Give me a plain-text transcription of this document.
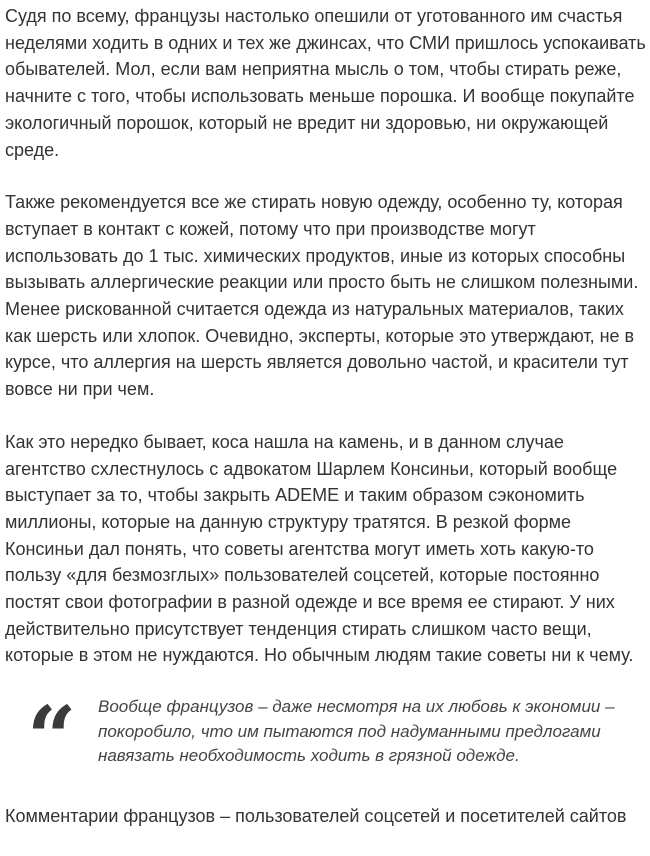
Судя по всему, французы настолько опешили от уготованного им счастья неделями ходить в одних и тех же джинсах, что СМИ пришлось успокаивать обывателей. Мол, если вам неприятна мысль о том, чтобы стирать реже, начните с того, чтобы использовать меньше порошка. И вообще покупайте экологичный порошок, который не вредит ни здоровью, ни окружающей среде.

Также рекомендуется все же стирать новую одежду, особенно ту, которая вступает в контакт с кожей, потому что при производстве могут использовать до 1 тыс. химических продуктов, иные из которых способны вызывать аллергические реакции или просто быть не слишком полезными. Менее рискованной считается одежда из натуральных материалов, таких как шерсть или хлопок. Очевидно, эксперты, которые это утверждают, не в курсе, что аллергия на шерсть является довольно частой, и красители тут вовсе ни при чем.

Как это нередко бывает, коса нашла на камень, и в данном случае агентство схлестнулось с адвокатом Шарлем Консиньи, который вообще выступает за то, чтобы закрыть ADEME и таким образом сэкономить миллионы, которые на данную структуру тратятся. В резкой форме Консиньи дал понять, что советы агентства могут иметь хоть какую-то пользу «для безмозглых» пользователей соцсетей, которые постоянно постят свои фотографии в разной одежде и все время ее стирают. У них действительно присутствует тенденция стирать слишком часто вещи, которые в этом не нуждаются. Но обычным людям такие советы ни к чему.

“ Вообще французов – даже несмотря на их любовь к экономии – покоробило, что им пытаются под надуманными предлогами навязать необходимость ходить в грязной одежде.

Комментарии французов – пользователей соцсетей и посетителей сайтов
